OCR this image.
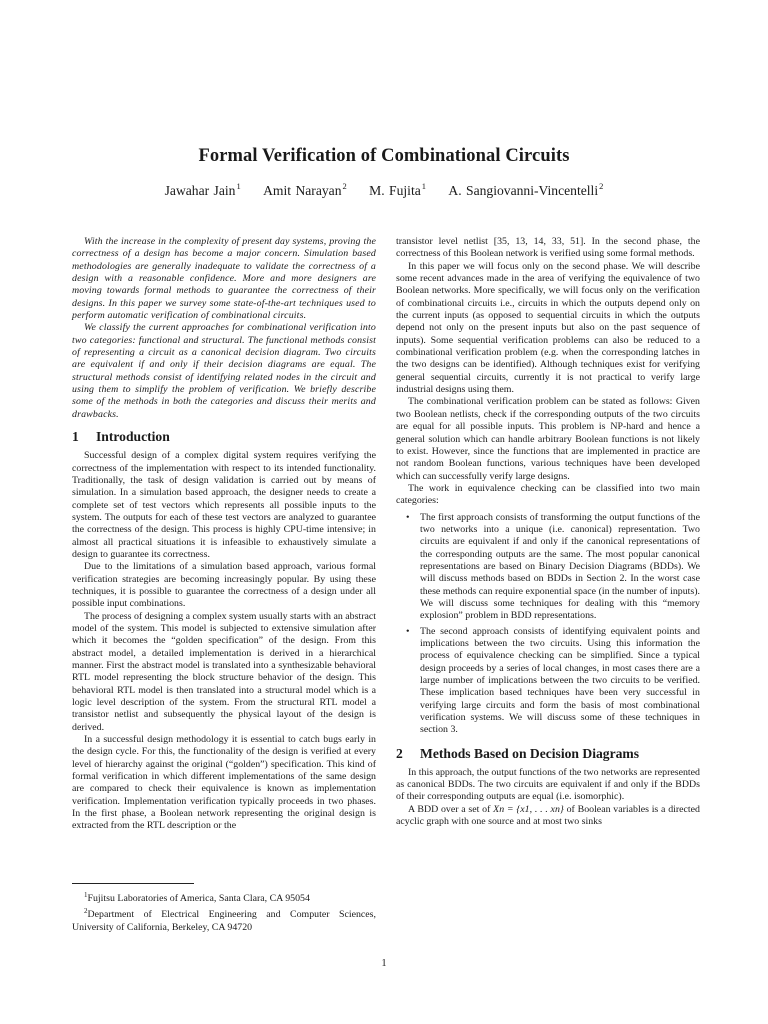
Formal Verification of Combinational Circuits
Jawahar Jain$^1$ Amit Narayan$^2$ M. Fujita$^1$ A. Sangiovanni-Vincentelli$^2$

With the increase in the complexity of present day systems, proving the correctness of a design has become a major concern. Simulation based methodologies are generally inadequate to validate the correctness of a design with a reasonable confidence. More and more designers are moving towards formal methods to guarantee the correctness of their designs. In this paper we survey some state-of-the-art techniques used to perform automatic verification of combinational circuits.

We classify the current approaches for combinational verification into two categories: functional and structural. The functional methods consist of representing a circuit as a canonical decision diagram. Two circuits are equivalent if and only if their decision diagrams are equal. The structural methods consist of identifying related nodes in the circuit and using them to simplify the problem of verification. We briefly describe some of the methods in both the categories and discuss their merits and drawbacks.

1 Introduction

Successful design of a complex digital system requires verifying the correctness of the implementation with respect to its intended functionality. Traditionally, the task of design validation is carried out by means of simulation. In a simulation based approach, the designer needs to create a complete set of test vectors which represents all possible inputs to the system. The outputs for each of these test vectors are analyzed to guarantee the correctness of the design. This process is highly CPU-time intensive; in almost all practical situations it is infeasible to exhaustively simulate a design to guarantee its correctness.

Due to the limitations of a simulation based approach, various formal verification strategies are becoming increasingly popular. By using these techniques, it is possible to guarantee the correctness of a design under all possible input combinations.

The process of designing a complex system usually starts with an abstract model of the system. This model is subjected to extensive simulation after which it becomes the “golden specification” of the design. From this abstract model, a detailed implementation is derived in a hierarchical manner. First the abstract model is translated into a synthesizable behavioral RTL model representing the block structure behavior of the design. This behavioral RTL model is then translated into a structural model which is a logic level description of the system. From the structural RTL model a transistor netlist and subsequently the physical layout of the design is derived.

In a successful design methodology it is essential to catch bugs early in the design cycle. For this, the functionality of the design is verified at every level of hierarchy against the original (“golden”) specification. This kind of formal verification in which different implementations of the same design are compared to check their equivalence is known as implementation verification. Implementation verification typically proceeds in two phases. In the first phase, a Boolean network representing the original design is extracted from the RTL description or the

$^1$Fujitsu Laboratories of America, Santa Clara, CA 95054

$^2$Department of Electrical Engineering and Computer Sciences, University of California, Berkeley, CA 94720

transistor level netlist [35, 13, 14, 33, 51]. In the second phase, the correctness of this Boolean network is verified using some formal methods.

In this paper we will focus only on the second phase. We will describe some recent advances made in the area of verifying the equivalence of two Boolean networks. More specifically, we will focus only on the verification of combinational circuits i.e., circuits in which the outputs depend only on the current inputs (as opposed to sequential circuits in which the outputs depend not only on the present inputs but also on the past sequence of inputs). Some sequential verification problems can also be reduced to a combinational verification problem (e.g. when the corresponding latches in the two designs can be identified). Although techniques exist for verifying general sequential circuits, currently it is not practical to verify large industrial designs using them.

The combinational verification problem can be stated as follows: Given two Boolean netlists, check if the corresponding outputs of the two circuits are equal for all possible inputs. This problem is NP-hard and hence a general solution which can handle arbitrary Boolean functions is not likely to exist. However, since the functions that are implemented in practice are not random Boolean functions, various techniques have been developed which can successfully verify large designs.

The work in equivalence checking can be classified into two main categories:

• The first approach consists of transforming the output functions of the two networks into a unique (i.e. canonical) representation. Two circuits are equivalent if and only if the canonical representations of the corresponding outputs are the same. The most popular canonical representations are based on Binary Decision Diagrams (BDDs). We will discuss methods based on BDDs in Section 2. In the worst case these methods can require exponential space (in the number of inputs). We will discuss some techniques for dealing with this “memory explosion” problem in BDD representations.
• The second approach consists of identifying equivalent points and implications between the two circuits. Using this information the process of equivalence checking can be simplified. Since a typical design proceeds by a series of local changes, in most cases there are a large number of implications between the two circuits to be verified. These implication based techniques have been very successful in verifying large circuits and form the basis of most combinational verification systems. We will discuss some of these techniques in section 3.
2	Methods Based on Decision Diagrams

In this approach, the output functions of the two networks are represented as canonical BDDs. The two circuits are equivalent if and only if the BDDs of their corresponding outputs are equal (i.e. isomorphic).

A BDD over a set of Xn = {x1, . . . xn} of Boolean variables is a directed acyclic graph with one source and at most two sinks

1
